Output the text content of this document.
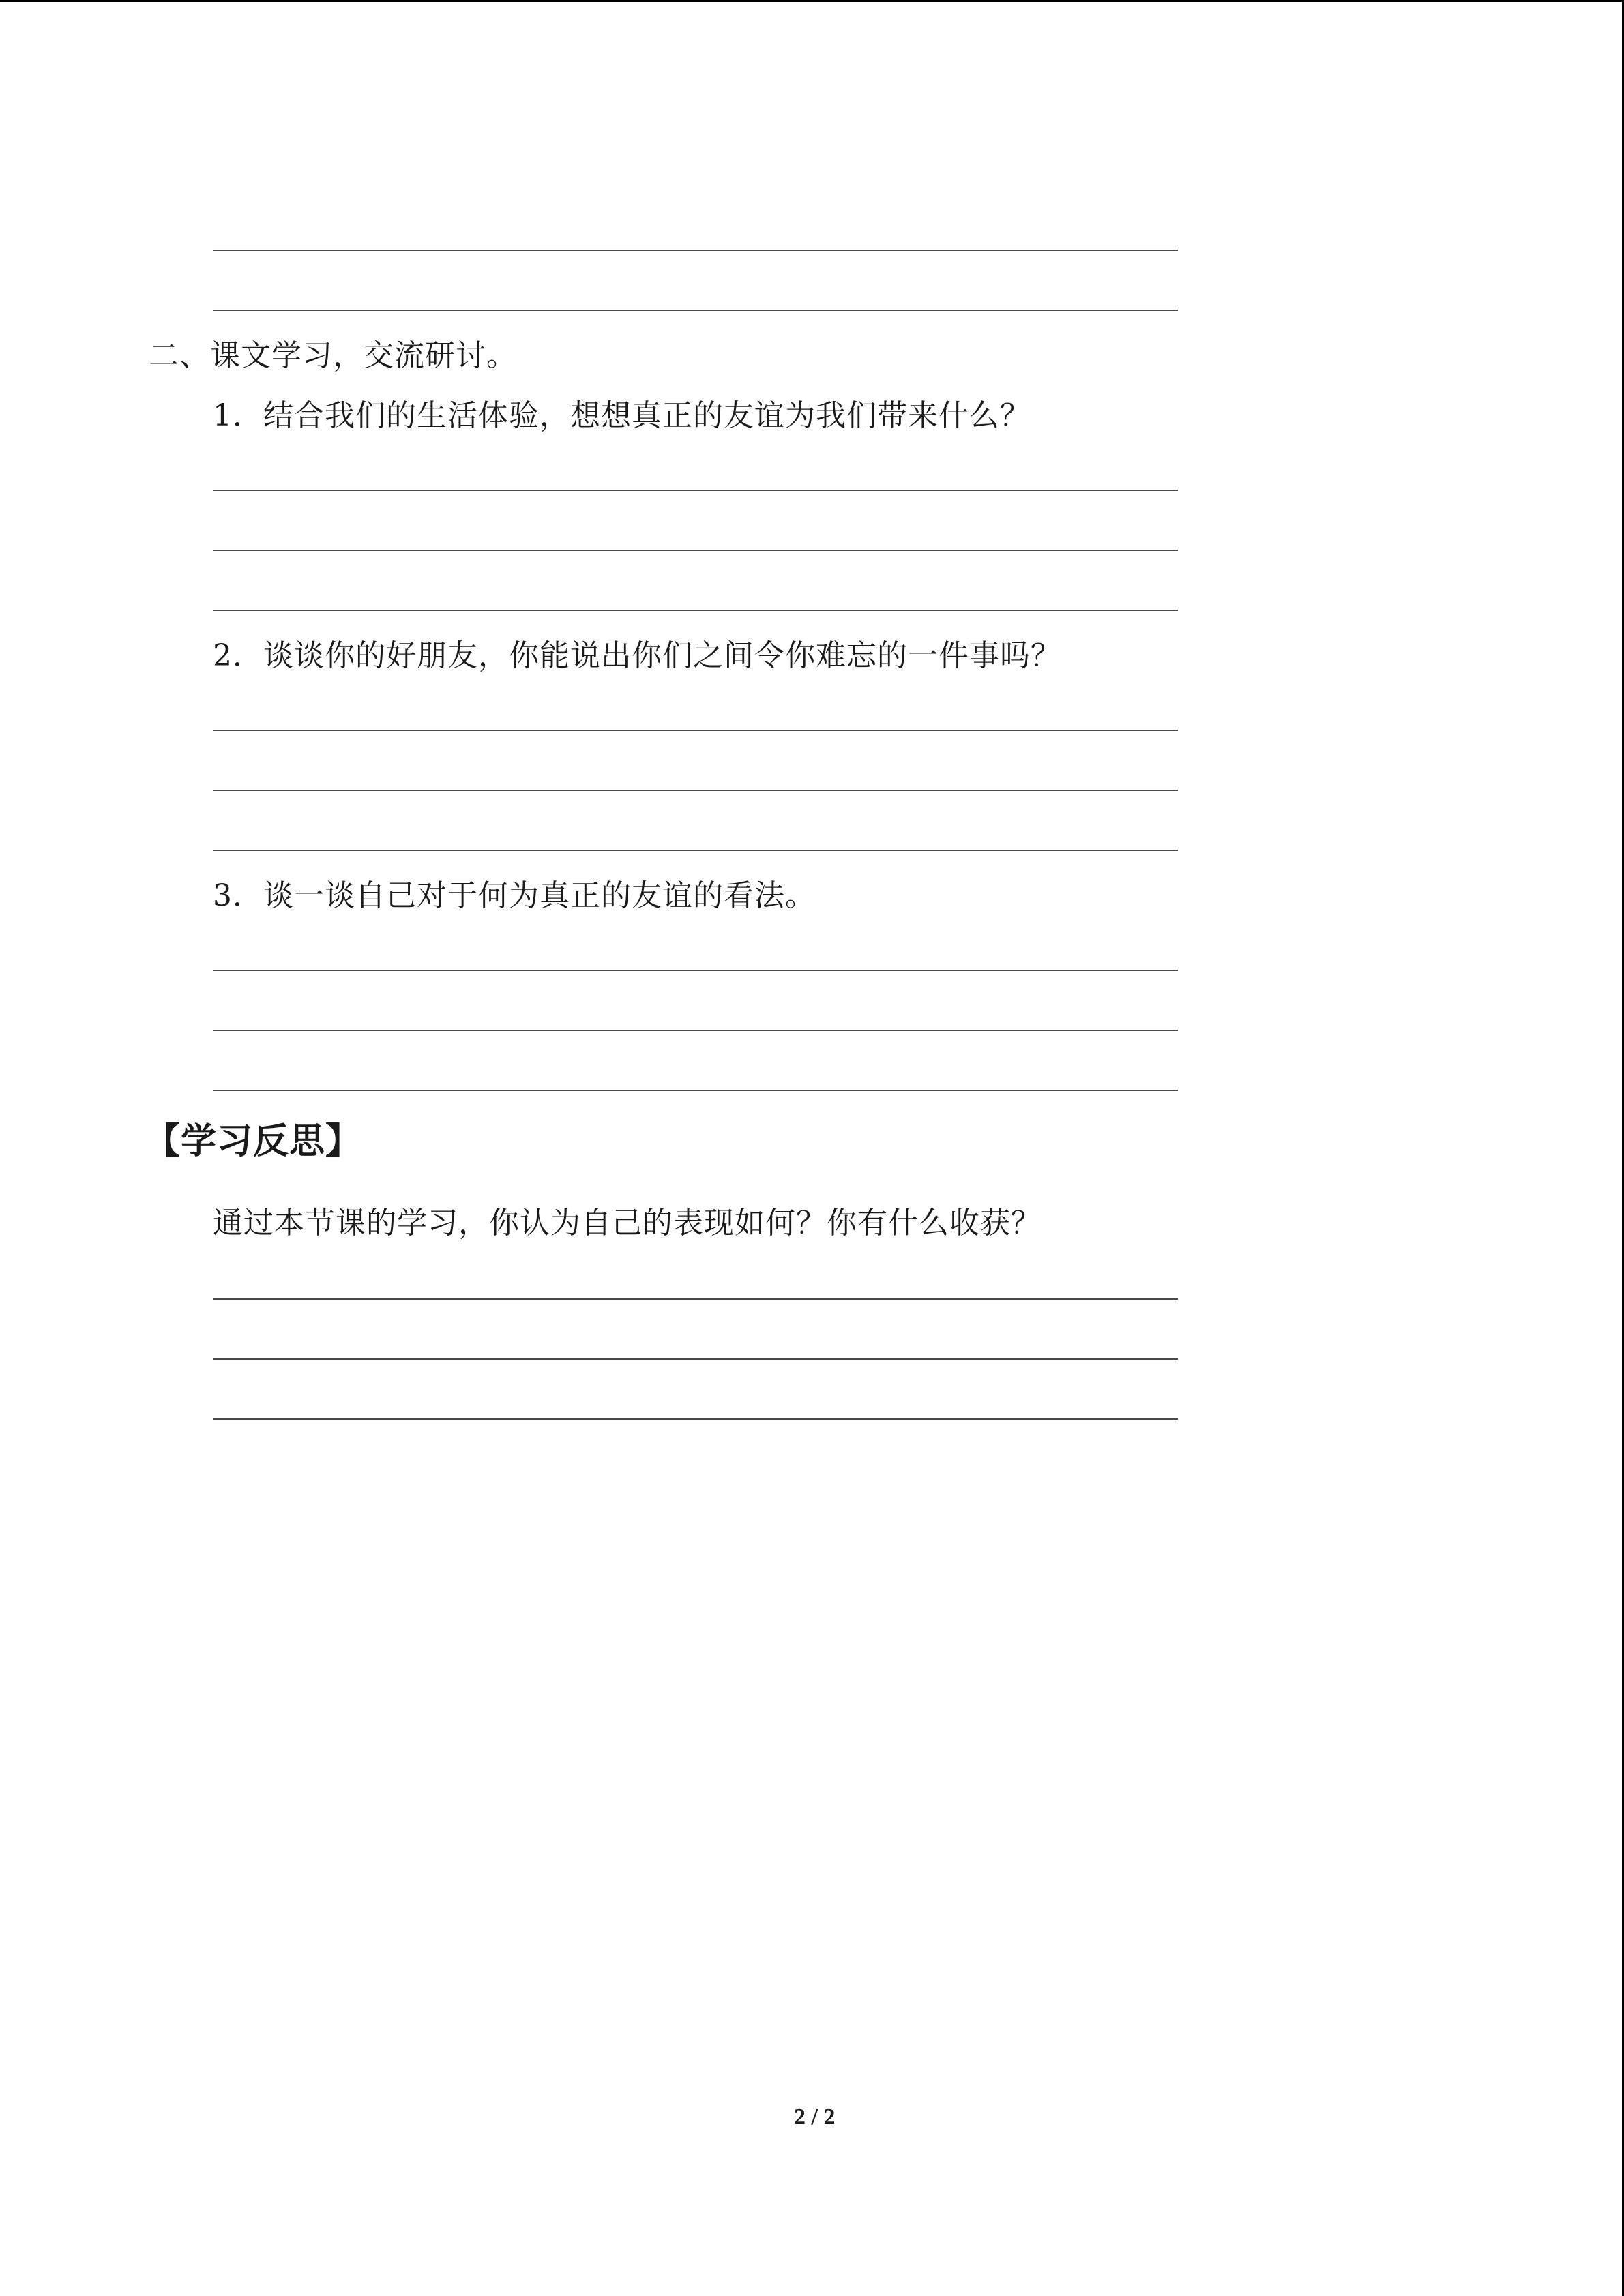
二、课文学习，交流研讨。
1．结合我们的生活体验，想想真正的友谊为我们带来什么？
2．谈谈你的好朋友，你能说出你们之间令你难忘的一件事吗？
3．谈一谈自己对于何为真正的友谊的看法。
【学习反思】
通过本节课的学习，你认为自己的表现如何？你有什么收获？
2 / 2
